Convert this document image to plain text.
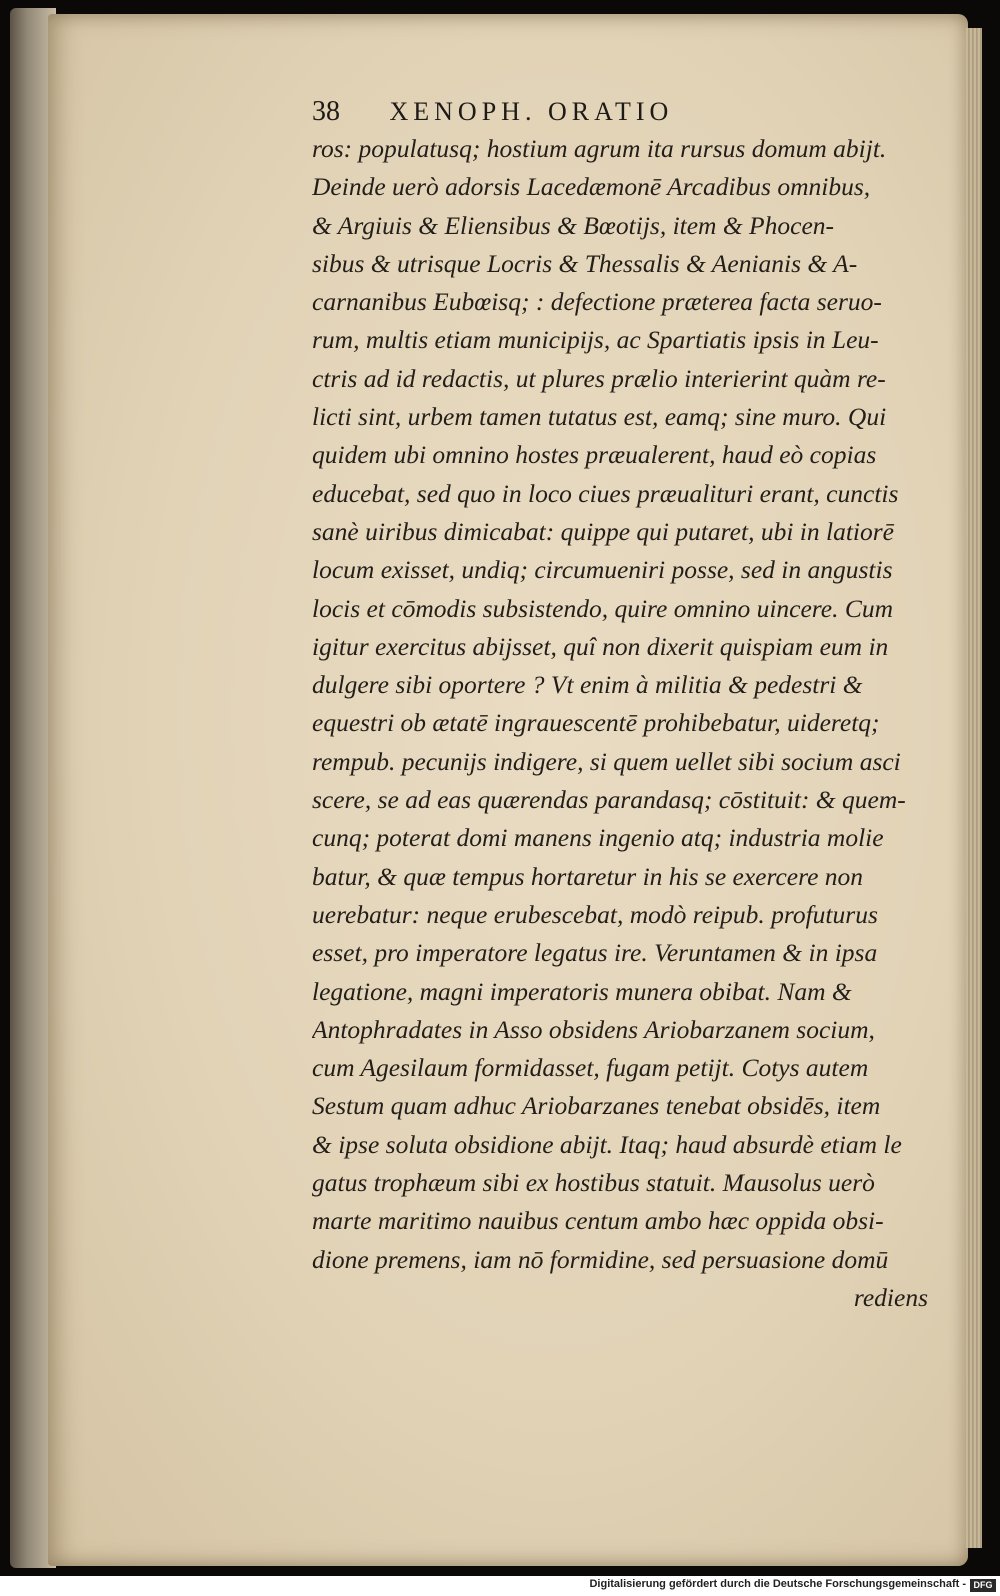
38 XENOPH. ORATIO
ros: populatusq; hostium agrum ita rursus domum abijt.
Deinde uerò adorsis Lacedæmonē Arcadibus omnibus,
& Argiuis & Eliensibus & Bœotijs, item & Phocen-
sibus & utrisque Locris & Thessalis & Aenianis & A-
carnanibus Eubœisq; : defectione præterea facta seruo-
rum, multis etiam municipijs, ac Spartiatis ipsis in Leu-
ctris ad id redactis, ut plures prælio interierint quàm re-
licti sint, urbem tamen tutatus est, eamq; sine muro. Qui
quidem ubi omnino hostes præualerent, haud eò copias
educebat, sed quo in loco ciues præualituri erant, cunctis
sanè uiribus dimicabat: quippe qui putaret, ubi in latiorē
locum exisset, undiq; circumueniri posse, sed in angustis
locis et cōmodis subsistendo, quire omnino uincere. Cum
igitur exercitus abijsset, quî non dixerit quispiam eum in
dulgere sibi oportere ? Vt enim à militia & pedestri &
equestri ob ætatē ingrauescentē prohibebatur, uideretq;
rempub. pecunijs indigere, si quem uellet sibi socium asci
scere, se ad eas quærendas parandasq; cōstituit: & quem-
cunq; poterat domi manens ingenio atq; industria molie
batur, & quæ tempus hortaretur in his se exercere non
uerebatur: neque erubescebat, modò reipub. profuturus
esset, pro imperatore legatus ire. Veruntamen & in ipsa
legatione, magni imperatoris munera obibat. Nam &
Antophradates in Asso obsidens Ariobarzanem socium,
cum Agesilaum formidasset, fugam petijt. Cotys autem
Sestum quam adhuc Ariobarzanes tenebat obsidēs, item
& ipse soluta obsidione abijt. Itaq; haud absurdè etiam le
gatus trophæum sibi ex hostibus statuit. Mausolus uerò
marte maritimo nauibus centum ambo hæc oppida obsi-
dione premens, iam nō formidine, sed persuasione domū
rediens
Digitalisierung gefördert durch die Deutsche Forschungsgemeinschaft - DFG
